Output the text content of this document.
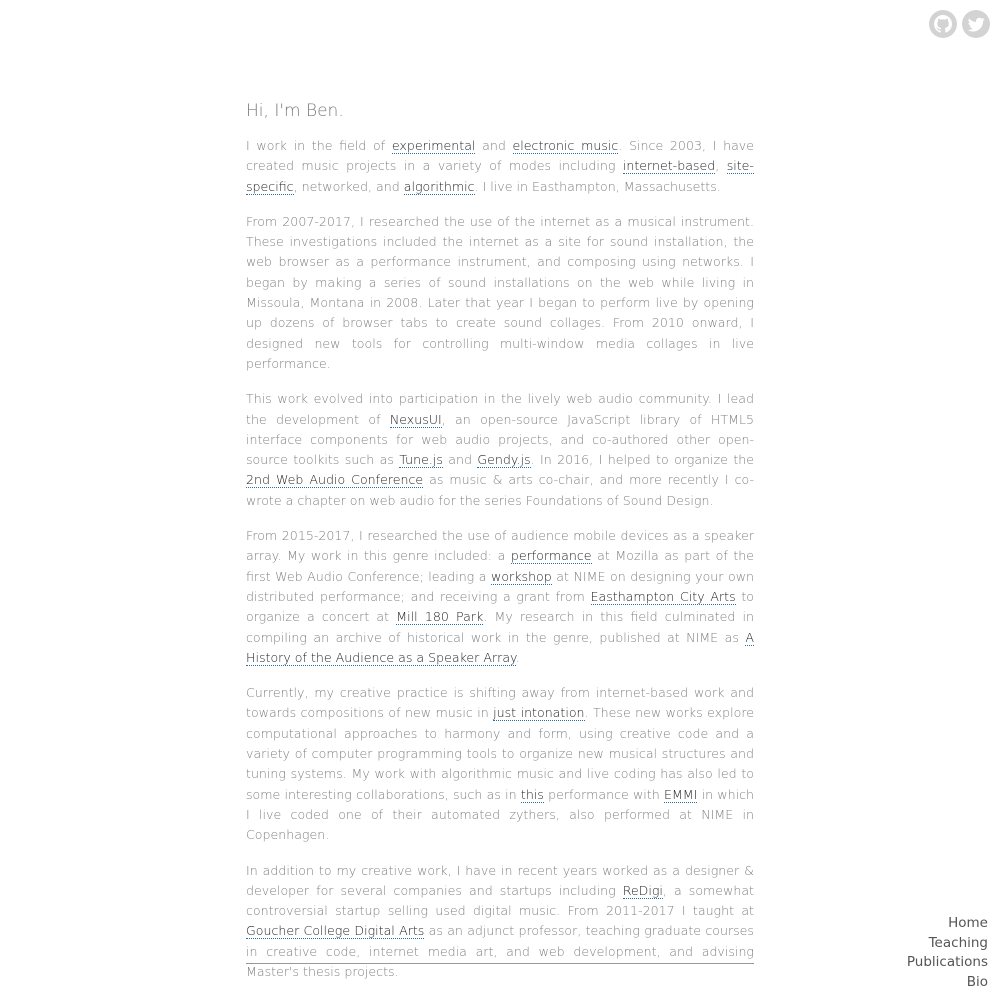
Hi, I'm Ben.

I work in the field of experimental and electronic music. Since 2003, I have created music projects in a variety of modes including internet-based, site-specific, networked, and algorithmic. I live in Easthampton, Massachusetts.

From 2007-2017, I researched the use of the internet as a musical instrument. These investigations included the internet as a site for sound installation, the web browser as a performance instrument, and composing using networks. I began by making a series of sound installations on the web while living in Missoula, Montana in 2008. Later that year I began to perform live by opening up dozens of browser tabs to create sound collages. From 2010 onward, I designed new tools for controlling multi-window media collages in live performance.

This work evolved into participation in the lively web audio community. I lead the development of NexusUI, an open-source JavaScript library of HTML5 interface components for web audio projects, and co-authored other open-source toolkits such as Tune.js and Gendy.js. In 2016, I helped to organize the 2nd Web Audio Conference as music & arts co-chair, and more recently I co-wrote a chapter on web audio for the series Foundations of Sound Design.

From 2015-2017, I researched the use of audience mobile devices as a speaker array. My work in this genre included: a performance at Mozilla as part of the first Web Audio Conference; leading a workshop at NIME on designing your own distributed performance; and receiving a grant from Easthampton City Arts to organize a concert at Mill 180 Park. My research in this field culminated in compiling an archive of historical work in the genre, published at NIME as A History of the Audience as a Speaker Array.

Currently, my creative practice is shifting away from internet-based work and towards compositions of new music in just intonation. These new works explore computational approaches to harmony and form, using creative code and a variety of computer programming tools to organize new musical structures and tuning systems. My work with algorithmic music and live coding has also led to some interesting collaborations, such as in this performance with EMMI in which I live coded one of their automated zythers, also performed at NIME in Copenhagen.

In addition to my creative work, I have in recent years worked as a designer & developer for several companies and startups including ReDigi, a somewhat controversial startup selling used digital music. From 2011-2017 I taught at Goucher College Digital Arts as an adjunct professor, teaching graduate courses in creative code, internet media art, and web development, and advising Master's thesis projects.

Home
Teaching
Publications
Bio
